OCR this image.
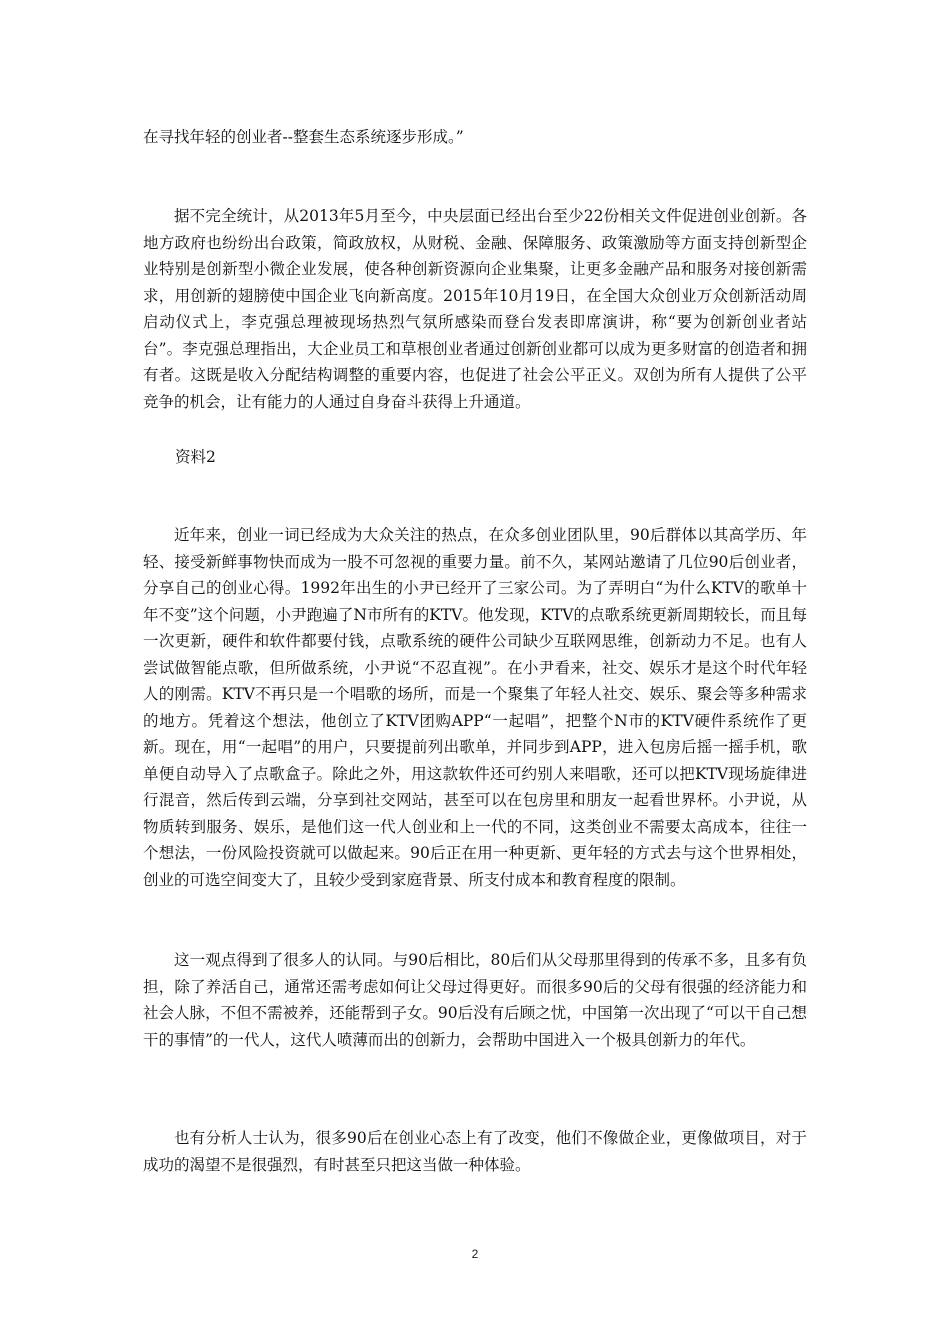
在寻找年轻的创业者--整套生态系统逐步形成。”

据不完全统计，从2013年5月至今，中央层面已经出台至少22份相关文件促进创业创新。各地方政府也纷纷出台政策，简政放权，从财税、金融、保障服务、政策激励等方面支持创新型企业特别是创新型小微企业发展，使各种创新资源向企业集聚，让更多金融产品和服务对接创新需求，用创新的翅膀使中国企业飞向新高度。2015年10月19日，在全国大众创业万众创新活动周启动仪式上，李克强总理被现场热烈气氛所感染而登台发表即席演讲，称“要为创新创业者站台”。李克强总理指出，大企业员工和草根创业者通过创新创业都可以成为更多财富的创造者和拥有者。这既是收入分配结构调整的重要内容，也促进了社会公平正义。双创为所有人提供了公平竞争的机会，让有能力的人通过自身奋斗获得上升通道。

资料2

近年来，创业一词已经成为大众关注的热点，在众多创业团队里，90后群体以其高学历、年轻、接受新鲜事物快而成为一股不可忽视的重要力量。前不久，某网站邀请了几位90后创业者，分享自己的创业心得。1992年出生的小尹已经开了三家公司。为了弄明白“为什么KTV的歌单十年不变”这个问题，小尹跑遍了N市所有的KTV。他发现，KTV的点歌系统更新周期较长，而且每一次更新，硬件和软件都要付钱，点歌系统的硬件公司缺少互联网思维，创新动力不足。也有人尝试做智能点歌，但所做系统，小尹说“不忍直视”。在小尹看来，社交、娱乐才是这个时代年轻人的刚需。KTV不再只是一个唱歌的场所，而是一个聚集了年轻人社交、娱乐、聚会等多种需求的地方。凭着这个想法，他创立了KTV团购APP“一起唱”，把整个N市的KTV硬件系统作了更新。现在，用“一起唱”的用户，只要提前列出歌单，并同步到APP，进入包房后摇一摇手机，歌单便自动导入了点歌盒子。除此之外，用这款软件还可约别人来唱歌，还可以把KTV现场旋律进行混音，然后传到云端，分享到社交网站，甚至可以在包房里和朋友一起看世界杯。小尹说，从物质转到服务、娱乐，是他们这一代人创业和上一代的不同，这类创业不需要太高成本，往往一个想法，一份风险投资就可以做起来。90后正在用一种更新、更年轻的方式去与这个世界相处，创业的可选空间变大了，且较少受到家庭背景、所支付成本和教育程度的限制。

这一观点得到了很多人的认同。与90后相比，80后们从父母那里得到的传承不多，且多有负担，除了养活自己，通常还需考虑如何让父母过得更好。而很多90后的父母有很强的经济能力和社会人脉，不但不需被养，还能帮到子女。90后没有后顾之忧，中国第一次出现了“可以干自己想干的事情”的一代人，这代人喷薄而出的创新力，会帮助中国进入一个极具创新力的年代。

也有分析人士认为，很多90后在创业心态上有了改变，他们不像做企业，更像做项目，对于成功的渴望不是很强烈，有时甚至只把这当做一种体验。

2
